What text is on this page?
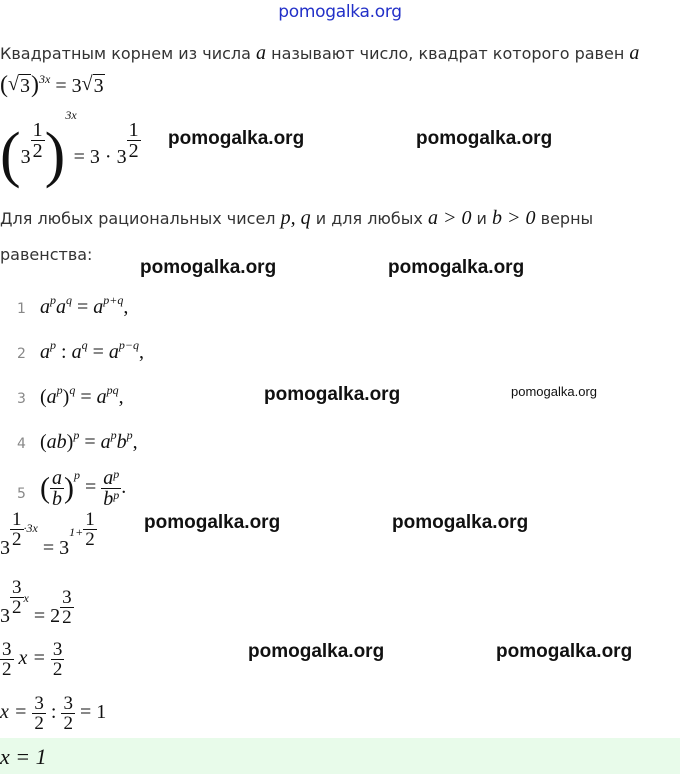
pomogalka.org
Квадратным корнем из числа a называют число, квадрат которого равен a
( √ 3)$^{3x}$ = 3 √ 3
$(3 \frac{1}{2} )^{3x} = 3 \cdot 3 \frac{1}{2}$
Для любых рациональных чисел p, q и для любых a > 0 и b > 0 верны
равенства:
1 $a^pa^q = a^{p+q}$,
2 $a^p$ : $a^q = a^{p-q}$,
3 $(a^p)^q = a^{pq}$,
4 $(ab)^p = a^pb^p$,
5 ( $\frac{a}{b} )^p = \frac{a^p}{b^p}$ .
$3 \frac{1}{2} \cdot 3x = 31+ \frac{1}{2}$
$3 \frac{3}{2}$ $x = 2 \frac{3}{2}$
$\frac{3}{2}$ $x = \frac{3}{2}$
$x = \frac{3}{2}$ : $\frac{3}{2} = 1$
x = 1
pomogalka.org	pomogalka.org
pomogalka.org	pomogalka.org
pomogalka.org	pomogalka.org
pomogalka.org	pomogalka.org
pomogalka.org	pomogalka.org
